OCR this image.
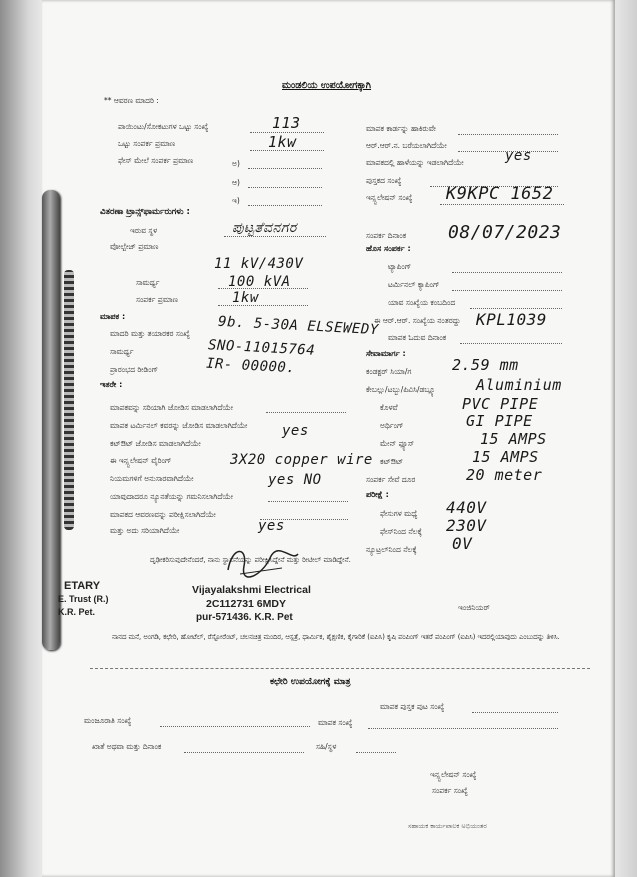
ಮಂಡಲಿಯ ಉಪಯೋಗಕ್ಕಾಗಿ
** ಆವರಣ ಮಾದರಿ :
ಪಾಯಿಂಟು/ಸೋಕಟುಗಳ ಒಟ್ಟು ಸಂಖ್ಯೆ	113
ಒಟ್ಟು ಸಂಪರ್ಕ ಪ್ರಮಾಣ	1kw
ಫೇಸ್ ಮೇಲೆ ಸಂಪರ್ಕ ಪ್ರಮಾಣ	ಅ)
ಆ)
ಇ)
ಮಾಪಕ ಕಾರ್ಡನ್ನು ಹಾಕಿರುವೇ
ಆರ್.ಆರ್.ನ. ಬರೆಯಲಾಗಿದೆಯೇ
ಮಾಪಕದಲ್ಲಿ ಹಾಳೆಯನ್ನು ಇಡಲಾಗಿದೆಯೇ	yes
ಪುಸ್ತಕದ ಸಂಖ್ಯೆ
ಇನ್ಸ್ಟಲೇಷನ್ ಸಂಖ್ಯೆ K9KPC 1652
ವಿತರಣಾ ಟ್ರಾನ್ಸ್‌ಫಾರ್ಮರುಗಳು :
ಇರುವ ಸ್ಥಳ	ಪುಟ್ಟತೆವನಗರ
ವೋಲ್ಟೇಜ್ ಪ್ರಮಾಣ
11 kV/430V
ಸಾಮರ್ಥ್ಯ	100 kVA
ಸಂಪರ್ಕ ಪ್ರಮಾಣ	1kw
ಸಂಪರ್ಕ ದಿನಾಂಕ 08/07/2023
ಹೊಸ ಸಂಪರ್ಕ :
ಟ್ಯಾಪಿಂಗ್
ಟರ್ಮಿನಲ್ ಕ್ಯಾಪಿಂಗ್
ಯಾವ ಸಂಖ್ಯೆಯ ಕಂಬದಿಂದ
ಈ ಆರ್.ಆರ್. ಸಂಖ್ಯೆಯ ನಂತರದ್ದು KPL1039
ಮಾಪಕ ಓದುವ ದಿನಾಂಕ
ಮಾಪಕ :
ಮಾದರಿ ಮತ್ತು ತಯಾರಕರ ಸಂಖ್ಯೆ 9b. 5-30A ELSEWEDY
ಸಾಮರ್ಥ್ಯ	SNO-11015764
ಪ್ರಾರಂಭದ ರೀಡಿಂಗ್	IR- 00000.
ಸೇವಾಮಾರ್ಗ :
ಕಂಡಕ್ಟರ್ ಸಿಯಾ/ಗ	2.59 mm
ಕೇಬಲ್ಲು/ಟಬ್ಬು/ಪಿವಿಸಿ/ಡಬ್ಲ್ಯೂ	Aluminium
ಕೊಳವೆ	PVC PIPE
ಅರ್ಥಿಂಗ್	GI PIPE
ಮೇನ್ ಫ್ಯೂಸ್	15 AMPS
ಕಟ್‌ಔಟ್	15 AMPS
ಸಂಪರ್ಕ ಸೇವೆ ದೂರ	20 meter
ಇತರೇ :
ಮಾಪಕವನ್ನು ಸರಿಯಾಗಿ ಜೋಡಿಸ ಮಾಡಲಾಗಿದೆಯೇ
ಮಾಪಕ ಟರ್ಮಿನಲ್ ಕವರನ್ನು ಜೋಡಿಸ ಮಾಡಲಾಗಿದೆಯೇ yes
ಕಟ್‌ಔಟ್ ಜೋಡಿಸ ಮಾಡಲಾಗಿದೆಯೇ
ಈ ಇನ್ಸ್ಟಲೇಷನ್ ವೈರಿಂಗ್	3X20 copper wire
ನಿಯಮಗಳಿಗೆ ಅನುಸಾರವಾಗಿದೆಯೇ	yes NO
ಯಾವುದಾದರೂ ನ್ಯೂನತೆಯನ್ನು ಗಮನಿಸಲಾಗಿದೆಯೇ
ಮಾಪಕದ ಆವರಣವನ್ನು ಪರೀಕ್ಷಿಸಲಾಗಿದೆಯೇ
ಮತ್ತು ಅದು ಸರಿಯಾಗಿದೆಯೇ	yes
ಪರೀಕ್ಷೆ :
ಫೇಸುಗಳ ಮಧ್ಯೆ 440V
ಫೇಸ್‌ನಿಂದ ನೆಲಕ್ಕೆ 230V
ನ್ಯೂಟ್ರಲ್‌ನಿಂದ ನೆಲಕ್ಕೆ 0V
ದೃಢೀಕರಿಸುವುದೇನೆಂದರೆ, ನಾನು ಸ್ಥಾಪನೆಯನ್ನು ಪರೀಕ್ಷಿಸಿದ್ದೇನೆ ಮತ್ತು ರೀಟೀಲ್ ಮಾಡಿದ್ದೇನೆ.
ETARY
E. Trust (R.)
K.R. Pet.
Vijayalakshmi Electrical
2C112731 6MDY
pur-571436. K.R. Pet
ಇಂಜಿನಿಯರ್
ನಾನದ ಮನೆ, ಅಂಗಡಿ, ಕಛೇರಿ, ಹೋಟೆಲ್, ರೆಸ್ಟೋರೆಂಟ್, ಚಲನಚಿತ್ರ ಮಂದಿರ, ಆಸ್ಪತ್ರೆ, ಧಾರ್ಮಿಕ, ಶೈಕ್ಷಣಿಕ, ಕೈಗಾರಿಕೆ (ಐಪಿಸಿ) ಕೃಷಿ ಪಂಪಿಂಗ್ ಇತರೆ ಪಂಪಿಂಗ್ (ಐಪಿಸಿ) ಇದರಲ್ಲಿಯಾವುದು ಎಂಬುದನ್ನು ತಿಳಿಸಿ.
ಕಛೇರಿ ಉಪಯೋಗಕ್ಕೆ ಮಾತ್ರ
ಮಾಪಕ ಪುಸ್ತಕ ಪುಟ ಸಂಖ್ಯೆ
ಮಂಜೂರಾತಿ ಸಂಖ್ಯೆ	ಮಾಪಕ ಸಂಖ್ಯೆ
ಖಾತೆ ಅಥವಾ ಮತ್ತು ದಿನಾಂಕ	ಸಹಿ/ಸ್ಥಳ
ಇನ್ಸ್ಟಲೇಷನ್ ಸಂಖ್ಯೆ
ಸಂಪರ್ಕ ಸಂಖ್ಯೆ
ಸಹಾಯಕ ಕಾರ್ಯಪಾಲಕ ಅಭಿಯಂತರ
